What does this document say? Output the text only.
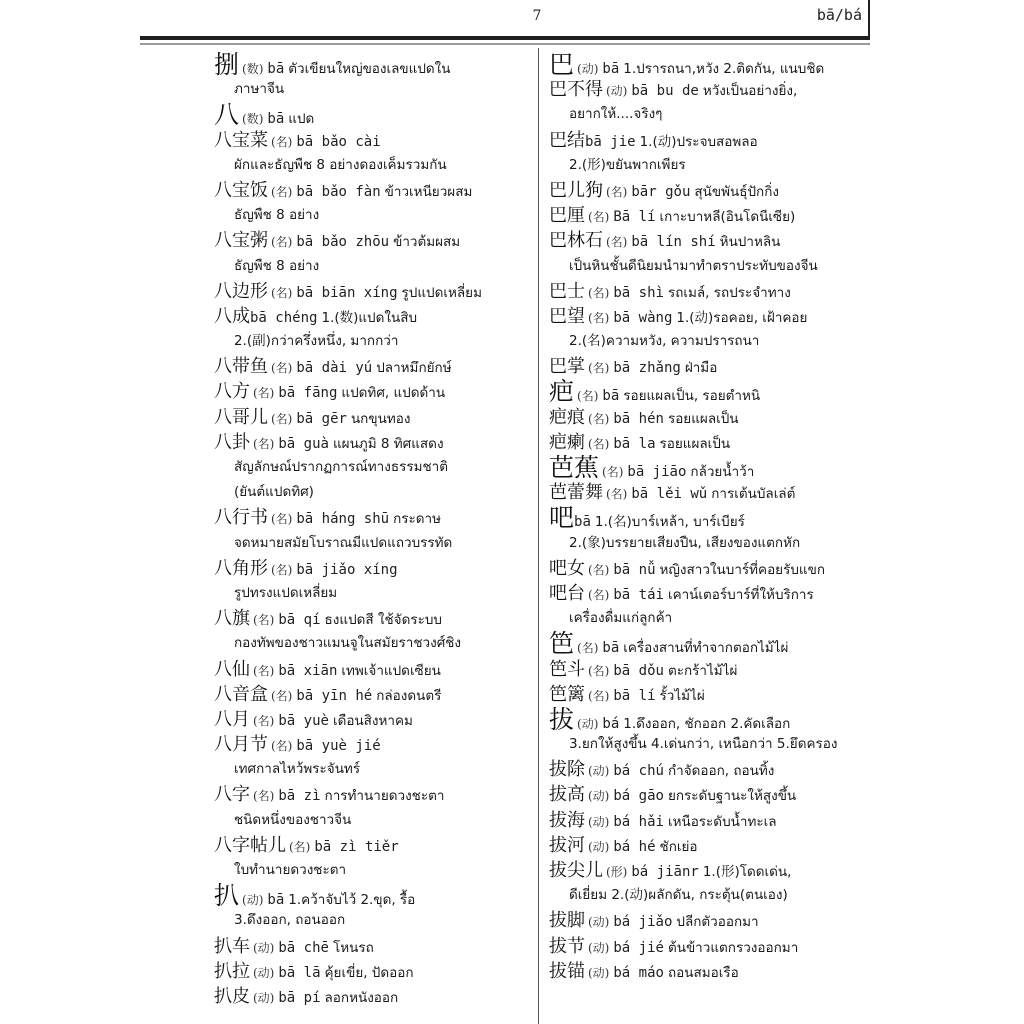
7	bā/bá
捌 (数) bā ตัวเขียนใหญ่ของเลขแปดใน
ภาษาจีน
八 (数) bā แปด
八宝菜 (名) bā bǎo cài
ผักและธัญพืช 8 อย่างดองเค็มรวมกัน
八宝饭 (名) bā bǎo fàn ข้าวเหนียวผสม
ธัญพืช 8 อย่าง
八宝粥 (名) bā bǎo zhōu ข้าวต้มผสม
ธัญพืช 8 อย่าง
八边形 (名) bā biān xíng รูปแปดเหลี่ยม
八成bā chéng 1.(数)แปดในสิบ
2.(副)กว่าครึ่งหนึ่ง, มากกว่า
八带鱼 (名) bā dài yú ปลาหมึกยักษ์
八方 (名) bā fāng แปดทิศ, แปดด้าน
八哥儿 (名) bā gēr นกขุนทอง
八卦 (名) bā guà แผนภูมิ 8 ทิศแสดง
สัญลักษณ์ปรากฏการณ์ทางธรรมชาติ
(ยันต์แปดทิศ)
八行书 (名) bā háng shū กระดาษ
จดหมายสมัยโบราณมีแปดแถวบรรทัด
八角形 (名) bā jiǎo xíng
รูปทรงแปดเหลี่ยม
八旗 (名) bā qí ธงแปดสี ใช้จัดระบบ
กองทัพของชาวแมนจูในสมัยราชวงศ์ชิง
八仙 (名) bā xiān เทพเจ้าแปดเซียน
八音盒 (名) bā yīn hé กล่องดนตรี
八月 (名) bā yuè เดือนสิงหาคม
八月节 (名) bā yuè jié
เทศกาลไหว้พระจันทร์
八字 (名) bā zì การทำนายดวงชะตา
ชนิดหนึ่งของชาวจีน
八字帖儿 (名) bā zì tiěr
ใบทำนายดวงชะตา
扒 (动) bā 1.คว้าจับไว้ 2.ขุด, รื้อ
3.ดึงออก, ถอนออก
扒车 (动) bā chē โหนรถ
扒拉 (动) bā lā คุ้ยเขี่ย, ปัดออก
扒皮 (动) bā pí ลอกหนังออก
巴 (动) bā 1.ปรารถนา,หวัง 2.ติดกัน, แนบชิด
巴不得 (动) bā bu de หวังเป็นอย่างยิ่ง,
อยากให้....จริงๆ
巴结bā jie 1.(动)ประจบสอพลอ
2.(形)ขยันพากเพียร
巴儿狗 (名) bār gǒu สุนัขพันธุ์ปักกิ่ง
巴厘 (名) Bā lí เกาะบาหลี(อินโดนีเซีย)
巴林石 (名) bā lín shí หินปาหลิน
เป็นหินชั้นดีนิยมนำมาทำตราประทับของจีน
巴士 (名) bā shì รถเมล์, รถประจำทาง
巴望 (名) bā wàng 1.(动)รอคอย, เฝ้าคอย
2.(名)ความหวัง, ความปรารถนา
巴掌 (名) bā zhǎng ฝ่ามือ
疤 (名) bā รอยแผลเป็น, รอยตำหนิ
疤痕 (名) bā hén รอยแผลเป็น
疤瘌 (名) bā la รอยแผลเป็น
芭蕉 (名) bā jiāo กล้วยน้ำว้า
芭蕾舞 (名) bā lěi wǔ การเต้นบัลเล่ต์
吧bā 1.(名)บาร์เหล้า, บาร์เบียร์
2.(象)บรรยายเสียงปืน, เสียงของแตกหัก
吧女 (名) bā nǚ หญิงสาวในบาร์ที่คอยรับแขก
吧台 (名) bā tái เคาน์เตอร์บาร์ที่ให้บริการ
เครื่องดื่มแก่ลูกค้า
笆 (名) bā เครื่องสานที่ทำจากตอกไม้ไผ่
笆斗 (名) bā dǒu ตะกร้าไม้ไผ่
笆篱 (名) bā lí รั้วไม้ไผ่
拔 (动) bá 1.ดึงออก, ชักออก 2.คัดเลือก
3.ยกให้สูงขึ้น 4.เด่นกว่า, เหนือกว่า 5.ยึดครอง
拔除 (动) bá chú กำจัดออก, ถอนทิ้ง
拔高 (动) bá gāo ยกระดับฐานะให้สูงขึ้น
拔海 (动) bá hǎi เหนือระดับน้ำทะเล
拔河 (动) bá hé ชักเย่อ
拔尖儿 (形) bá jiānr 1.(形)โดดเด่น,
ดีเยี่ยม 2.(动)ผลักดัน, กระตุ้น(ตนเอง)
拔脚 (动) bá jiǎo ปลีกตัวออกมา
拔节 (动) bá jié ต้นข้าวแตกรวงออกมา
拔锚 (动) bá máo ถอนสมอเรือ
